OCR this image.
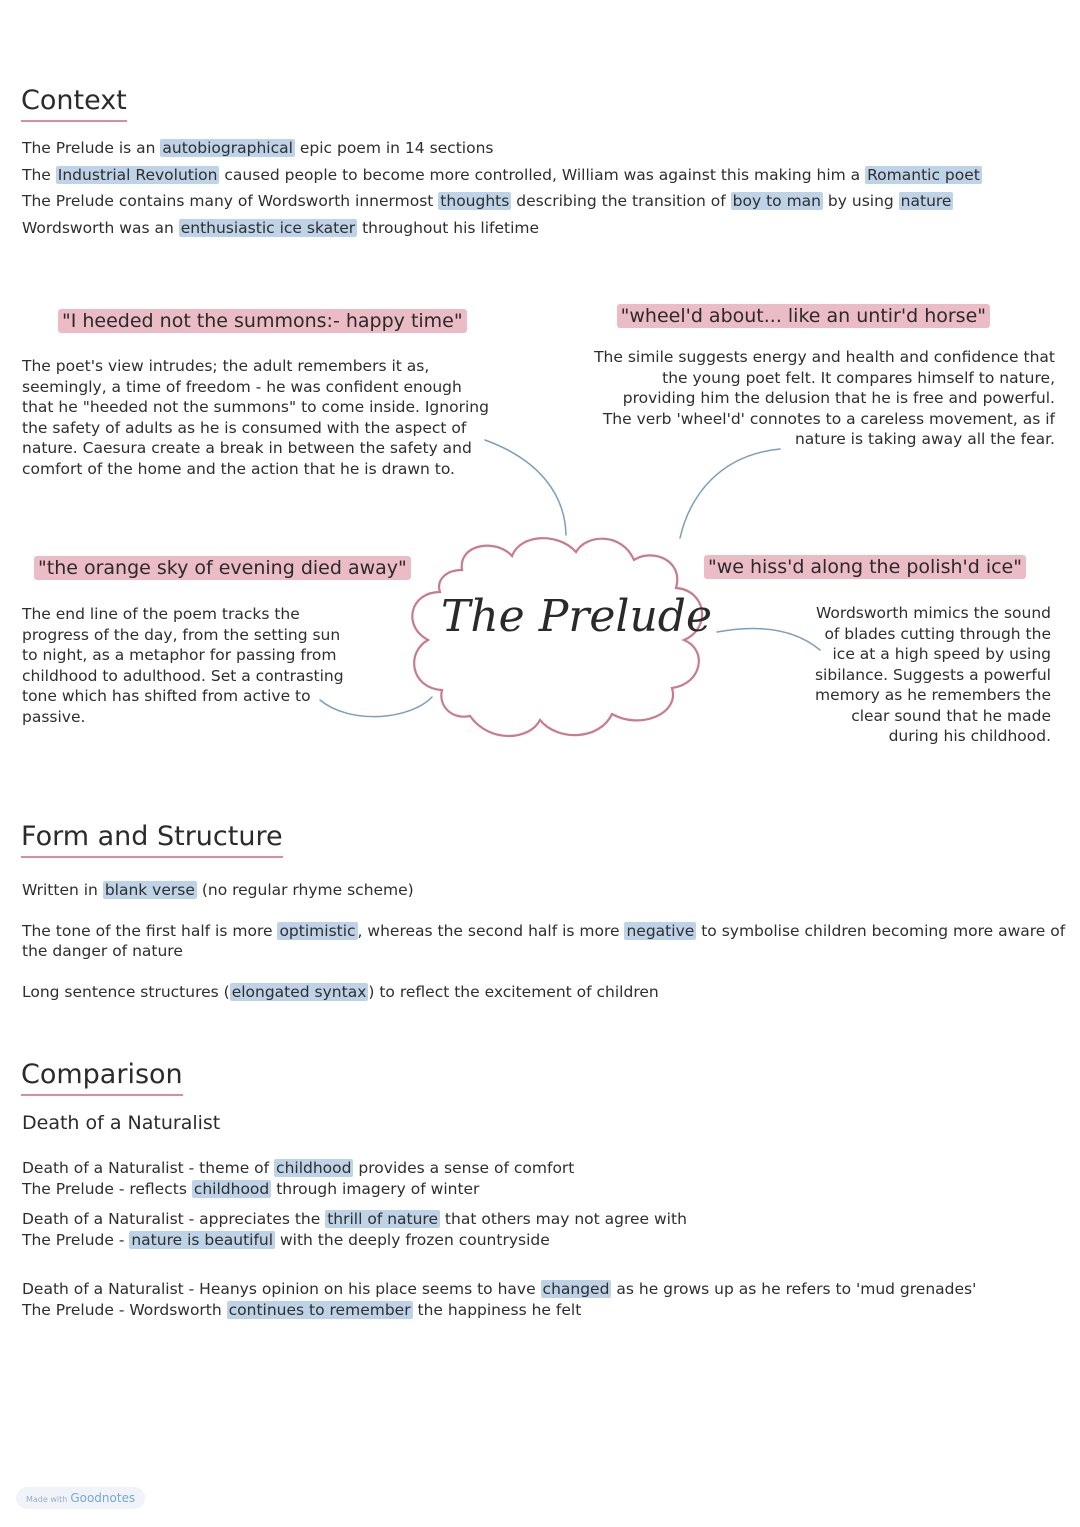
Context
The Prelude is an autobiographical epic poem in 14 sections
The Industrial Revolution caused people to become more controlled, William was against this making him a Romantic poet
The Prelude contains many of Wordsworth innermost thoughts describing the transition of boy to man by using nature
Wordsworth was an enthusiastic ice skater throughout his lifetime
The Prelude
"I heeded not the summons:- happy time"
The poet's view intrudes; the adult remembers it as,
seemingly, a time of freedom - he was confident enough
that he "heeded not the summons" to come inside. Ignoring
the safety of adults as he is consumed with the aspect of
nature. Caesura create a break in between the safety and
comfort of the home and the action that he is drawn to.
"wheel'd about... like an untir'd horse"
The simile suggests energy and health and confidence that
the young poet felt. It compares himself to nature,
providing him the delusion that he is free and powerful.
The verb 'wheel'd' connotes to a careless movement, as if
nature is taking away all the fear.
"the orange sky of evening died away"
The end line of the poem tracks the
progress of the day, from the setting sun
to night, as a metaphor for passing from
childhood to adulthood. Set a contrasting
tone which has shifted from active to
passive.
"we hiss'd along the polish'd ice"
Wordsworth mimics the sound
of blades cutting through the
ice at a high speed by using
sibilance. Suggests a powerful
memory as he remembers the
clear sound that he made
during his childhood.
Form and Structure
Written in blank verse (no regular rhyme scheme)
The tone of the first half is more optimistic , whereas the second half is more negative to symbolise children becoming more aware of
the danger of nature
Long sentence structures ( elongated syntax ) to reflect the excitement of children
Comparison
Death of a Naturalist
Death of a Naturalist - theme of childhood provides a sense of comfort
The Prelude - reflects childhood through imagery of winter
Death of a Naturalist - appreciates the thrill of nature that others may not agree with
The Prelude - nature is beautiful with the deeply frozen countryside
Death of a Naturalist - Heanys opinion on his place seems to have changed as he grows up as he refers to 'mud grenades'
The Prelude - Wordsworth continues to remember the happiness he felt
Made with Goodnotes
